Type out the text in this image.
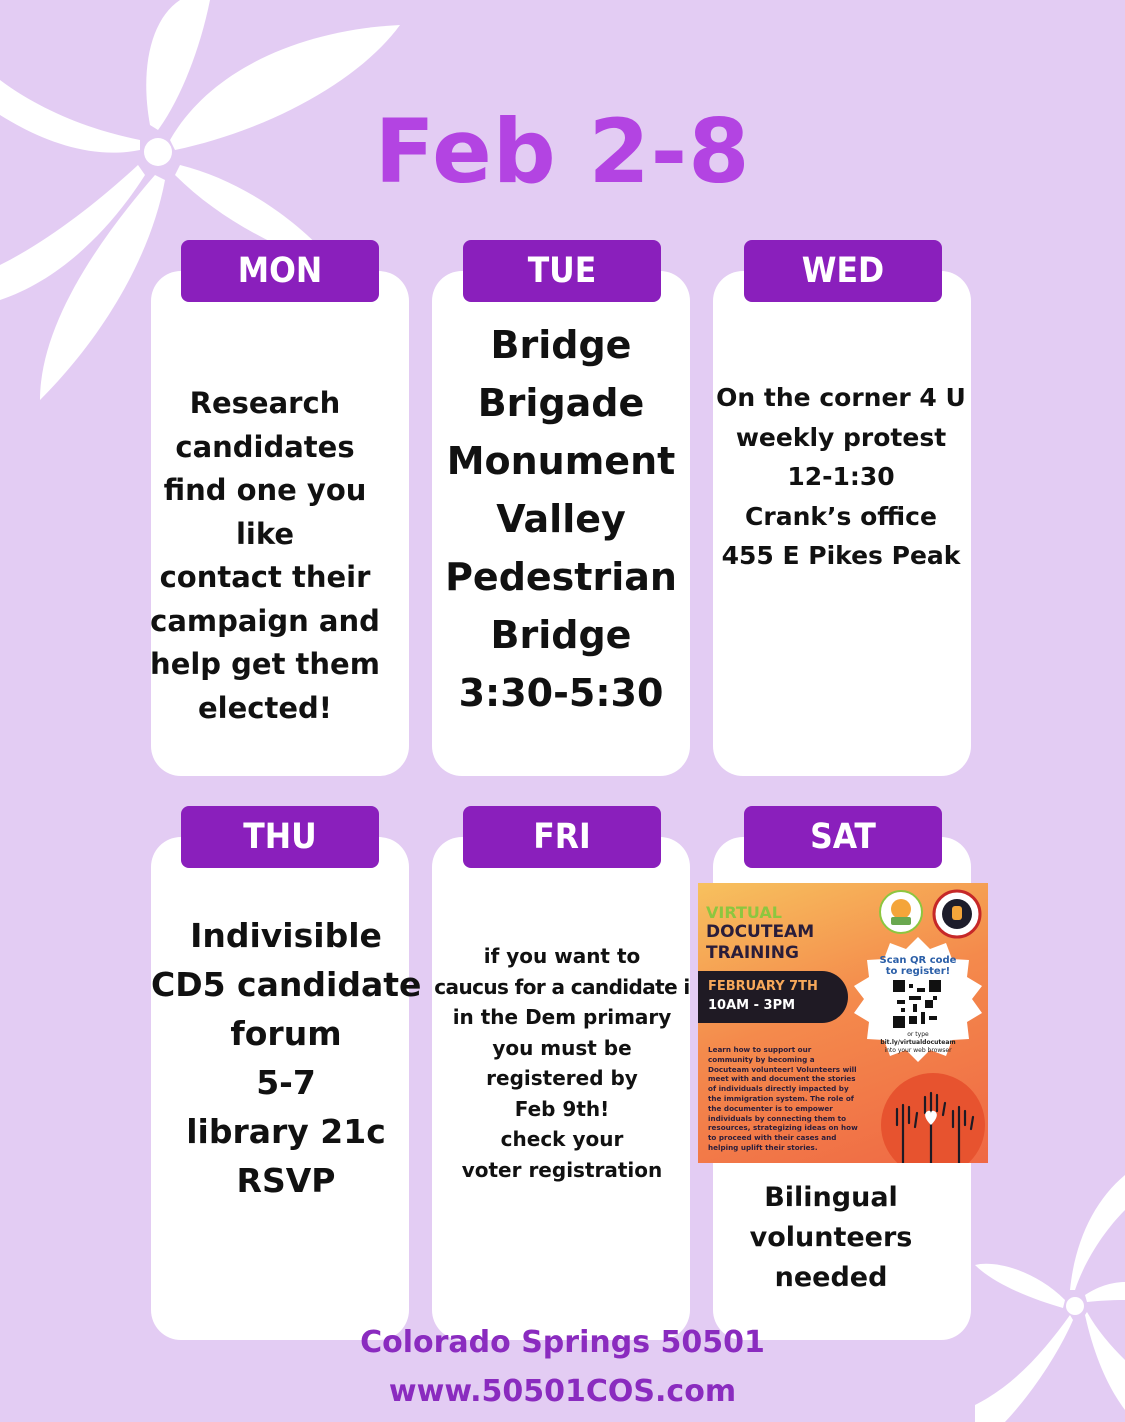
Feb 2-8
MON
Research
candidates
find one you
like
contact their
campaign and
help get them
elected!
TUE
Bridge
Brigade
Monument
Valley
Pedestrian
Bridge
3:30-5:30
WED
On the corner 4 U
weekly protest
12-1:30
Crank’s office
455 E Pikes Peak
THU
Indivisible
CD5 candidate
forum
5-7
library 21c
RSVP
FRI
if you want to
caucus for a candidate i
in the Dem primary
you must be
registered by
Feb 9th!
check your
voter registration
SAT
VIRTUAL
DOCUTEAM
TRAINING
FEBRUARY 7TH
10AM - 3PM
Scan QR code to register!
or type
bit.ly/virtualdocuteam
into your web browser
Learn how to support our community by becoming a Docuteam volunteer! Volunteers will meet with and document the stories of individuals directly impacted by the immigration system. The role of the documenter is to empower individuals by connecting them to resources, strategizing ideas on how to proceed with their cases and helping uplift their stories.
Bilingual
volunteers
needed
Colorado Springs 50501
www.50501COS.com
